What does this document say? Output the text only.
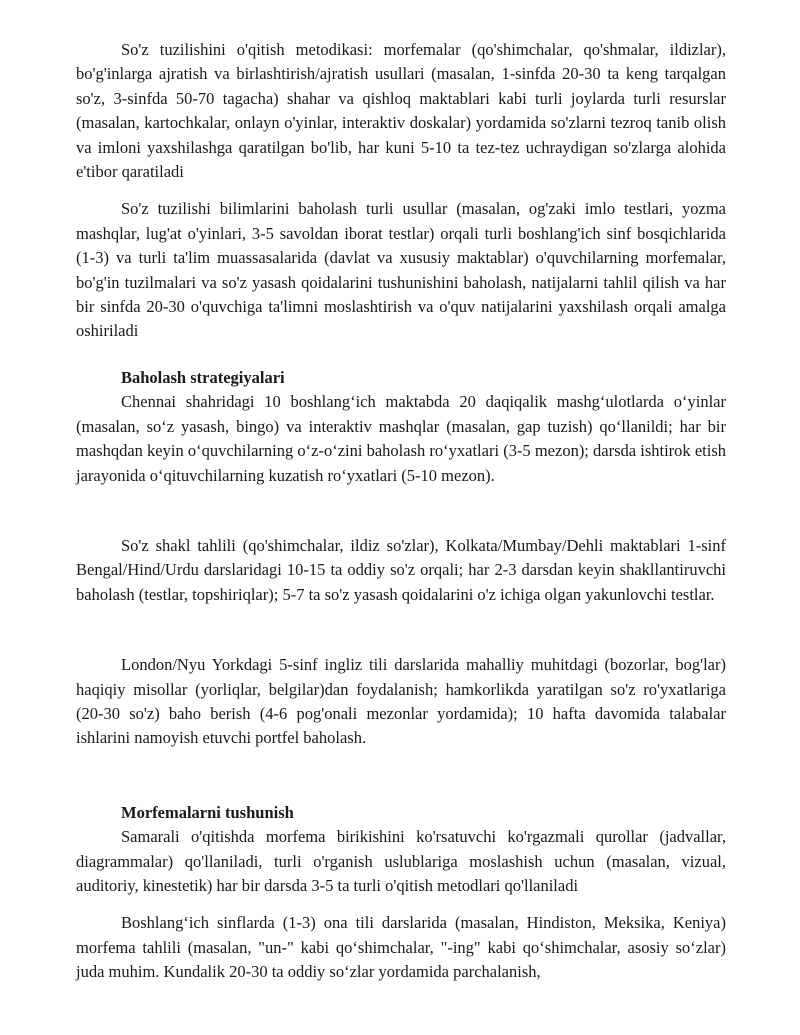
So'z tuzilishini o'qitish metodikasi: morfemalar (qo'shimchalar, qo'shmalar, ildizlar), bo'g'inlarga ajratish va birlashtirish/ajratish usullari (masalan, 1-sinfda 20-30 ta keng tarqalgan so'z, 3-sinfda 50-70 tagacha) shahar va qishloq maktablari kabi turli joylarda turli resurslar (masalan, kartochkalar, onlayn o'yinlar, interaktiv doskalar) yordamida so'zlarni tezroq tanib olish va imloni yaxshilashga qaratilgan bo'lib, har kuni 5-10 ta tez-tez uchraydigan so'zlarga alohida e'tibor qaratiladi

So'z tuzilishi bilimlarini baholash turli usullar (masalan, og'zaki imlo testlari, yozma mashqlar, lug'at o'yinlari, 3-5 savoldan iborat testlar) orqali turli boshlang'ich sinf bosqichlarida (1-3) va turli ta'lim muassasalarida (davlat va xususiy maktablar) o'quvchilarning morfemalar, bo'g'in tuzilmalari va so'z yasash qoidalarini tushunishini baholash, natijalarni tahlil qilish va har bir sinfda 20-30 o'quvchiga ta'limni moslashtirish va o'quv natijalarini yaxshilash orqali amalga oshiriladi

Baholash strategiyalari

Chennai shahridagi 10 boshlangʻich maktabda 20 daqiqalik mashgʻulotlarda oʻyinlar (masalan, soʻz yasash, bingo) va interaktiv mashqlar (masalan, gap tuzish) qoʻllanildi; har bir mashqdan keyin oʻquvchilarning oʻz-oʻzini baholash roʻyxatlari (3-5 mezon); darsda ishtirok etish jarayonida oʻqituvchilarning kuzatish roʻyxatlari (5-10 mezon).

So'z shakl tahlili (qo'shimchalar, ildiz so'zlar), Kolkata/Mumbay/Dehli maktablari 1-sinf Bengal/Hind/Urdu darslaridagi 10-15 ta oddiy so'z orqali; har 2-3 darsdan keyin shakllantiruvchi baholash (testlar, topshiriqlar); 5-7 ta so'z yasash qoidalarini o'z ichiga olgan yakunlovchi testlar.

London/Nyu Yorkdagi 5-sinf ingliz tili darslarida mahalliy muhitdagi (bozorlar, bog'lar) haqiqiy misollar (yorliqlar, belgilar)dan foydalanish; hamkorlikda yaratilgan so'z ro'yxatlariga (20-30 so'z) baho berish (4-6 pog'onali mezonlar yordamida); 10 hafta davomida talabalar ishlarini namoyish etuvchi portfel baholash.

Morfemalarni tushunish

Samarali o'qitishda morfema birikishini ko'rsatuvchi ko'rgazmali qurollar (jadvallar, diagrammalar) qo'llaniladi, turli o'rganish uslublariga moslashish uchun (masalan, vizual, auditoriy, kinestetik) har bir darsda 3-5 ta turli o'qitish metodlari qo'llaniladi

Boshlangʻich sinflarda (1-3) ona tili darslarida (masalan, Hindiston, Meksika, Keniya) morfema tahlili (masalan, "un-" kabi qoʻshimchalar, "-ing" kabi qoʻshimchalar, asosiy soʻzlar) juda muhim. Kundalik 20-30 ta oddiy soʻzlar yordamida parchalanish,
